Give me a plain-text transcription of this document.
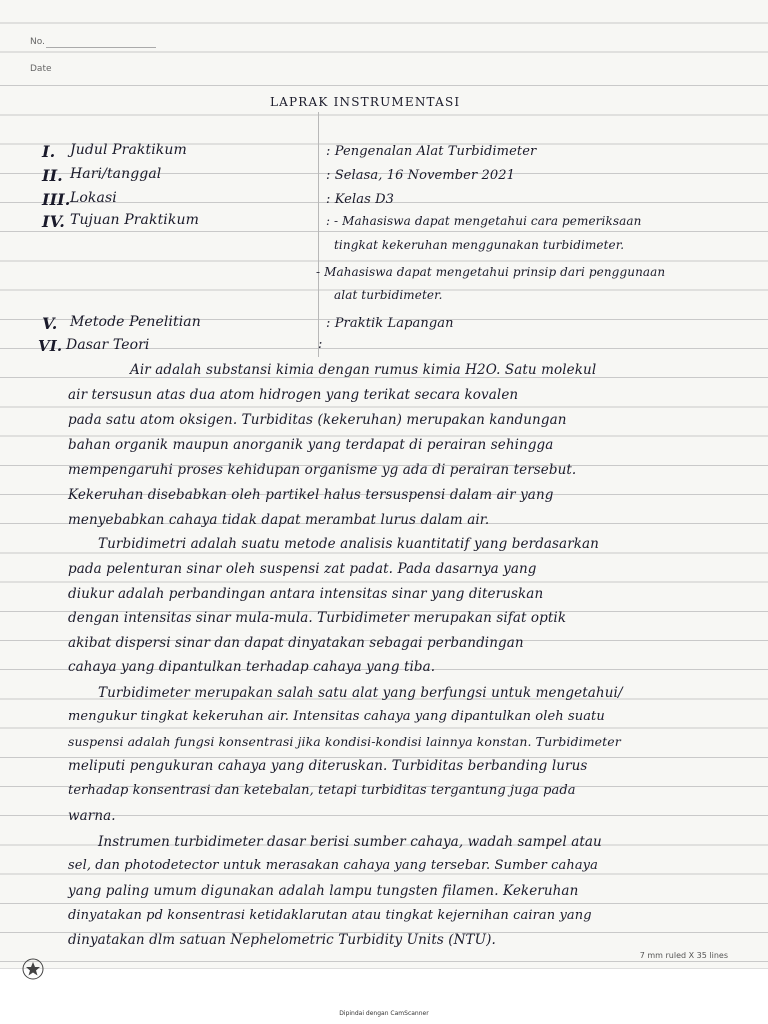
No.
Date
LAPRAK INSTRUMENTASI
I. Judul Praktikum	: Pengenalan Alat Turbidimeter
II. Hari/tanggal	: Selasa, 16 November 2021
III. Lokasi	: Kelas D3
IV. Tujuan Praktikum	: - Mahasiswa dapat mengetahui cara pemeriksaan
tingkat kekeruhan menggunakan turbidimeter.
- Mahasiswa dapat mengetahui prinsip dari penggunaan
alat turbidimeter.
V. Metode Penelitian	: Praktik Lapangan
VI. Dasar Teori	:
Air adalah substansi kimia dengan rumus kimia H2O. Satu molekul
air tersusun atas dua atom hidrogen yang terikat secara kovalen
pada satu atom oksigen. Turbiditas (kekeruhan) merupakan kandungan
bahan organik maupun anorganik yang terdapat di perairan sehingga
mempengaruhi proses kehidupan organisme yg ada di perairan tersebut.
Kekeruhan disebabkan oleh partikel halus tersuspensi dalam air yang
menyebabkan cahaya tidak dapat merambat lurus dalam air.
Turbidimetri adalah suatu metode analisis kuantitatif yang berdasarkan
pada pelenturan sinar oleh suspensi zat padat. Pada dasarnya yang
diukur adalah perbandingan antara intensitas sinar yang diteruskan
dengan intensitas sinar mula-mula. Turbidimeter merupakan sifat optik
akibat dispersi sinar dan dapat dinyatakan sebagai perbandingan
cahaya yang dipantulkan terhadap cahaya yang tiba.
Turbidimeter merupakan salah satu alat yang berfungsi untuk mengetahui/
mengukur tingkat kekeruhan air. Intensitas cahaya yang dipantulkan oleh suatu
suspensi adalah fungsi konsentrasi jika kondisi-kondisi lainnya konstan. Turbidimeter
meliputi pengukuran cahaya yang diteruskan. Turbiditas berbanding lurus
terhadap konsentrasi dan ketebalan, tetapi turbiditas tergantung juga pada
warna.
Instrumen turbidimeter dasar berisi sumber cahaya, wadah sampel atau
sel, dan photodetector untuk merasakan cahaya yang tersebar. Sumber cahaya
yang paling umum digunakan adalah lampu tungsten filamen. Kekeruhan
dinyatakan pd konsentrasi ketidaklarutan atau tingkat kejernihan cairan yang
dinyatakan dlm satuan Nephelometric Turbidity Units (NTU).
7 mm ruled X 35 lines
Dipindai dengan CamScanner
